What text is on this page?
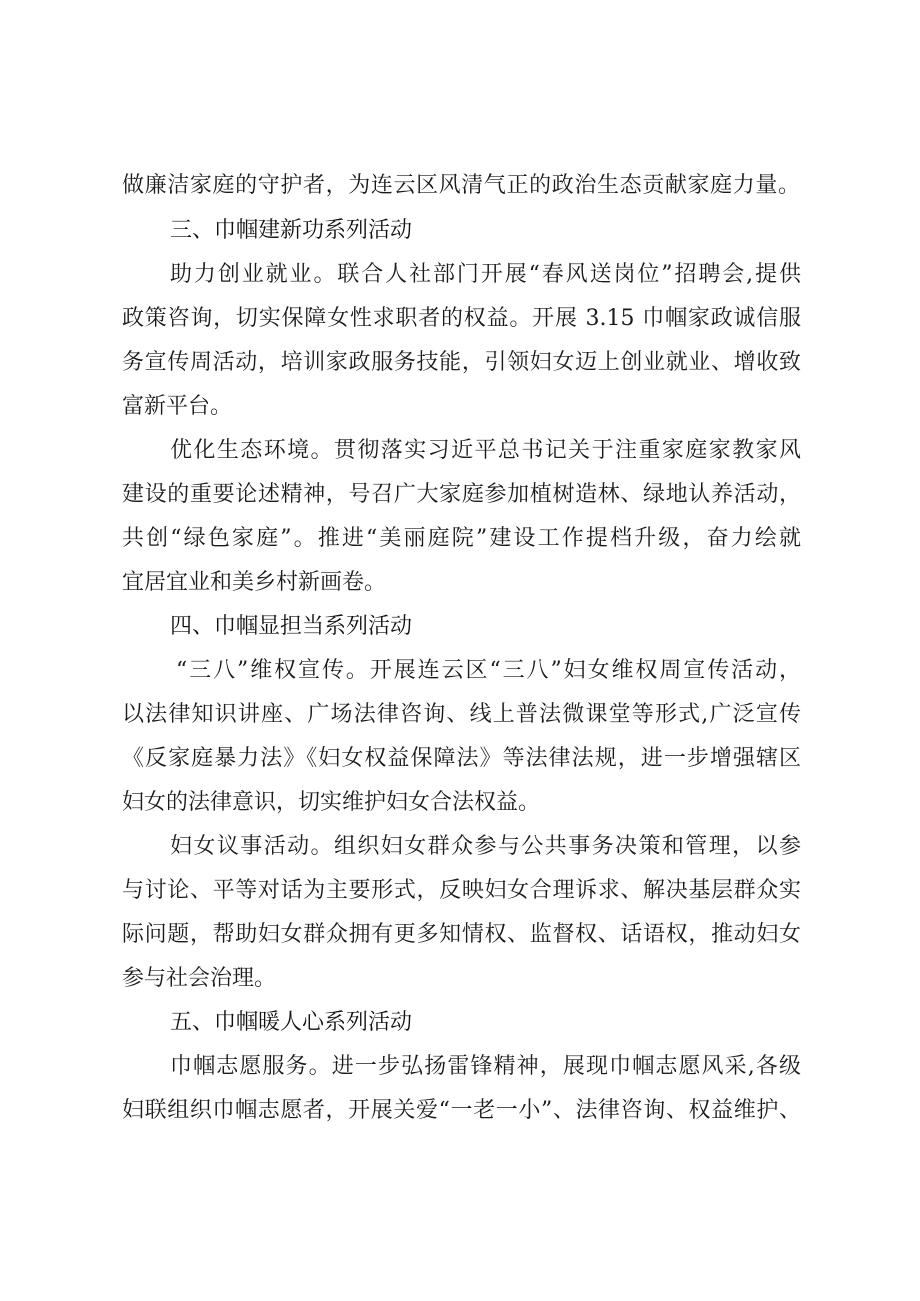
做廉洁家庭的守护者，为连云区风清气正的政治生态贡献家庭力量。
三、巾帼建新功系列活动
助力创业就业。联合人社部门开展“春风送岗位”招聘会,提供
政策咨询，切实保障女性求职者的权益。开展 3.15 巾帼家政诚信服
务宣传周活动，培训家政服务技能，引领妇女迈上创业就业、增收致
富新平台。
优化生态环境。贯彻落实习近平总书记关于注重家庭家教家风
建设的重要论述精神，号召广大家庭参加植树造林、绿地认养活动，
共创“绿色家庭”。推进“美丽庭院”建设工作提档升级，奋力绘就
宜居宜业和美乡村新画卷。
四、巾帼显担当系列活动
“三八”维权宣传。开展连云区“三八”妇女维权周宣传活动，
以法律知识讲座、广场法律咨询、线上普法微课堂等形式,广泛宣传
《反家庭暴力法》《妇女权益保障法》等法律法规，进一步增强辖区
妇女的法律意识，切实维护妇女合法权益。
妇女议事活动。组织妇女群众参与公共事务决策和管理，以参
与讨论、平等对话为主要形式，反映妇女合理诉求、解决基层群众实
际问题，帮助妇女群众拥有更多知情权、监督权、话语权，推动妇女
参与社会治理。
五、巾帼暖人心系列活动
巾帼志愿服务。进一步弘扬雷锋精神，展现巾帼志愿风采,各级
妇联组织巾帼志愿者，开展关爱“一老一小”、法律咨询、权益维护、
